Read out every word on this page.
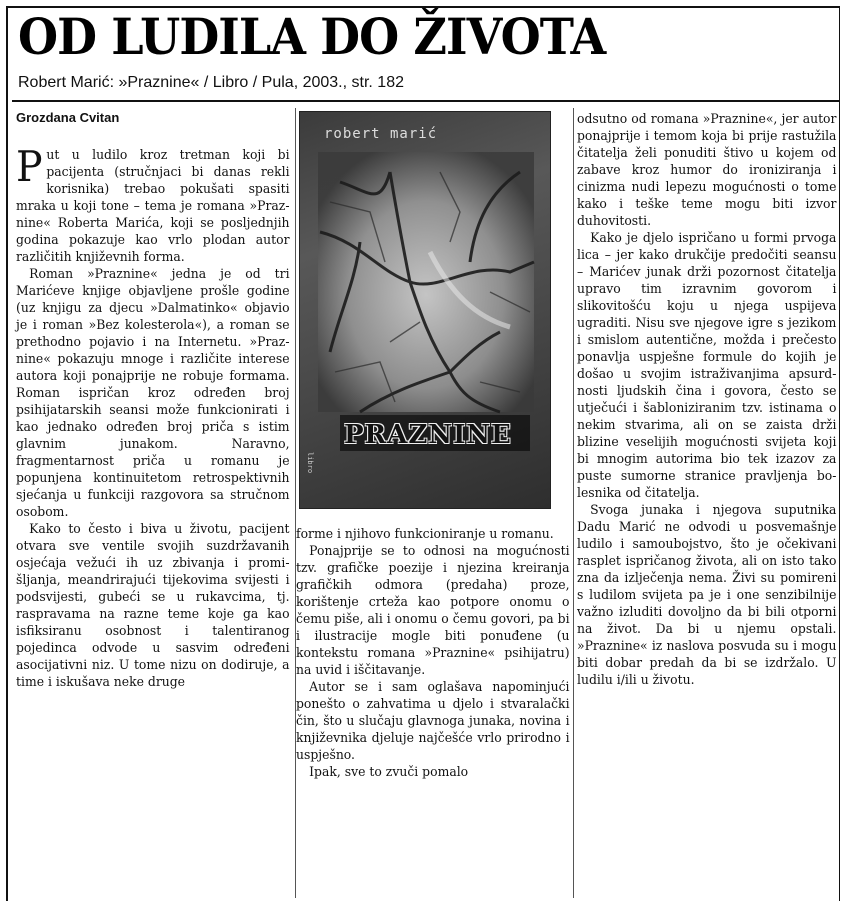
OD LUDILA DO ŽIVOTA

Robert Marić: »Praznine« / Libro / Pula, 2003., str. 182

Grozdana Cvitan

robert marić

PRAZNINE

libro

Put u ludilo kroz tretman koji bi pacijenta (stručnjaci bi danas rekli korisnika) trebao pokušati spasiti mraka u koji tone – tema je romana »Praznine« Roberta Marića, koji se posljednjih godina pokazuje kao vrlo plodan autor različitih književnih forma.

Roman »Praznine« jedna je od tri Marićeve knjige objavljene prošle godine (uz knjigu za djecu »Dalmatinko« objavio je i roman »Bez kolesterola«), a roman se prethodno pojavio i na Internetu. »Praznine« pokazuju mnoge i različite interese autora koji ponajprije ne robuje formama. Roman ispričan kroz određen broj psihijatarskih seansi može funkcionirati i kao jednako određen broj priča s istim glavnim junakom. Naravno, fragmentarnost priča u romanu je popunjena kontinuitetom retrospektivnih sjećanja u funkciji razgovora sa stručnom osobom.

Kako to često i biva u životu, pacijent otvara sve ventile svojih suzdržavanih osjećaja vežući ih uz zbivanja i promišljanja, meandrirajući tijekovima svijesti i podsvijesti, gubeći se u rukavcima, tj. raspravama na razne teme koje ga kao isfiksiranu osobnost i talentiranog pojedinca odvode u sasvim određeni asocijativni niz. U tome nizu on dodiruje, a time i iskušava neke druge

forme i njihovo funkcioniranje u romanu.

Ponajprije se to odnosi na mogućnosti tzv. grafičke poezije i njezina kreiranja grafičkih odmora (predaha) proze, korištenje crteža kao potpore onomu o čemu piše, ali i onomu o čemu govori, pa bi i ilustracije mogle biti ponuđene (u kontekstu romana »Praznine« psihijatru) na uvid i iščitavanje.

Autor se i sam oglašava napominjući ponešto o zahvatima u djelo i stvaralački čin, što u slučaju glavnoga junaka, novina i književnika djeluje najčešće vrlo prirodno i uspješno.

Ipak, sve to zvuči pomalo

odsutno od romana »Praznine«, jer autor ponajprije i temom koja bi prije rastužila čitatelja želi ponuditi štivo u kojem od zabave kroz humor do ironiziranja i cinizma nudi lepezu mogućnosti o tome kako i teške teme mogu biti izvor duhovitosti.

Kako je djelo ispričano u formi prvoga lica – jer kako drukčije predočiti seansu – Marićev junak drži pozornost čitatelja upravo tim izravnim govorom i slikovitošću koju u njega uspijeva ugraditi. Nisu sve njegove igre s jezikom i smislom autentične, možda i prečesto ponavlja uspješne formule do kojih je došao u svojim istraživanjima apsurdnosti ljudskih čina i govora, često se utječući i šabloniziranim tzv. istinama o nekim stvarima, ali on se zaista drži blizine veselijih mogućnosti svijeta koji bi mnogim autorima bio tek izazov za puste sumorne stranice pravljenja bolesnika od čitatelja.

Svoga junaka i njegova suputnika Dadu Marić ne odvodi u posvemašnje ludilo i samoubojstvo, što je očekivani rasplet ispričanog života, ali on isto tako zna da izlječenja nema. Živi su pomireni s ludilom svijeta pa je i one senzibilnije važno izluditi dovoljno da bi bili otporni na život. Da bi u njemu opstali. »Praznine« iz naslova posvuda su i mogu biti dobar predah da bi se izdržalo. U ludilu i/ili u životu.
